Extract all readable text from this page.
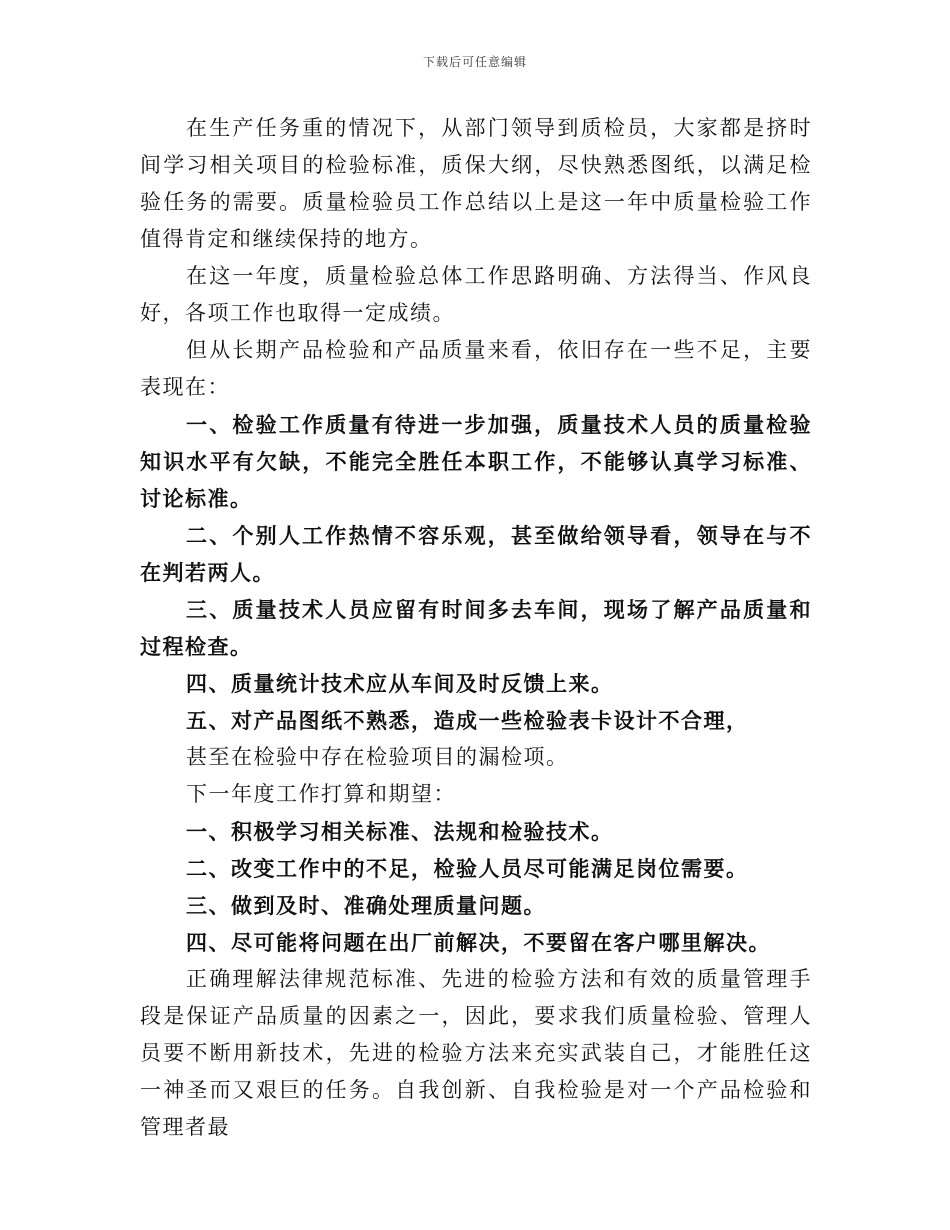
下载后可任意编辑

在生产任务重的情况下，从部门领导到质检员，大家都是挤时间学习相关项目的检验标准，质保大纲，尽快熟悉图纸，以满足检验任务的需要。质量检验员工作总结以上是这一年中质量检验工作值得肯定和继续保持的地方。

在这一年度，质量检验总体工作思路明确、方法得当、作风良好，各项工作也取得一定成绩。

但从长期产品检验和产品质量来看，依旧存在一些不足，主要表现在：

一、检验工作质量有待进一步加强，质量技术人员的质量检验知识水平有欠缺，不能完全胜任本职工作，不能够认真学习标准、讨论标准。

二、个别人工作热情不容乐观，甚至做给领导看，领导在与不在判若两人。

三、质量技术人员应留有时间多去车间，现场了解产品质量和过程检查。

四、质量统计技术应从车间及时反馈上来。

五、对产品图纸不熟悉，造成一些检验表卡设计不合理，

甚至在检验中存在检验项目的漏检项。

下一年度工作打算和期望：

一、积极学习相关标准、法规和检验技术。

二、改变工作中的不足，检验人员尽可能满足岗位需要。

三、做到及时、准确处理质量问题。

四、尽可能将问题在出厂前解决，不要留在客户哪里解决。

正确理解法律规范标准、先进的检验方法和有效的质量管理手段是保证产品质量的因素之一，因此，要求我们质量检验、管理人员要不断用新技术，先进的检验方法来充实武装自己，才能胜任这一神圣而又艰巨的任务。自我创新、自我检验是对一个产品检验和管理者最
